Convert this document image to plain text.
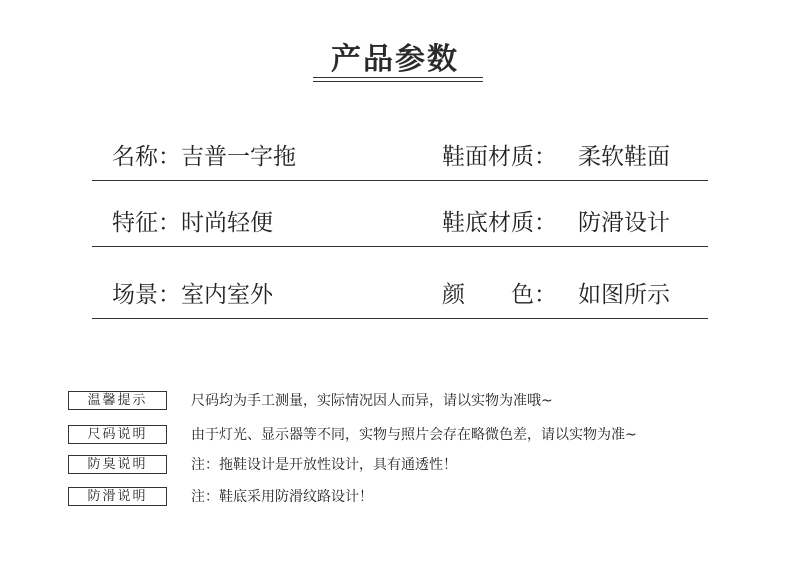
产品参数
名称： 吉普一字拖	鞋面材质： 柔软鞋面
特征： 时尚轻便	鞋底材质： 防滑设计
场景： 室内室外	颜　　色： 如图所示
温馨提示	尺码均为手工测量，实际情况因人而异，请以实物为准哦~
尺码说明	由于灯光、显示器等不同，实物与照片会存在略微色差，请以实物为准~
防臭说明	注：拖鞋设计是开放性设计，具有通透性！
防滑说明	注：鞋底采用防滑纹路设计！
